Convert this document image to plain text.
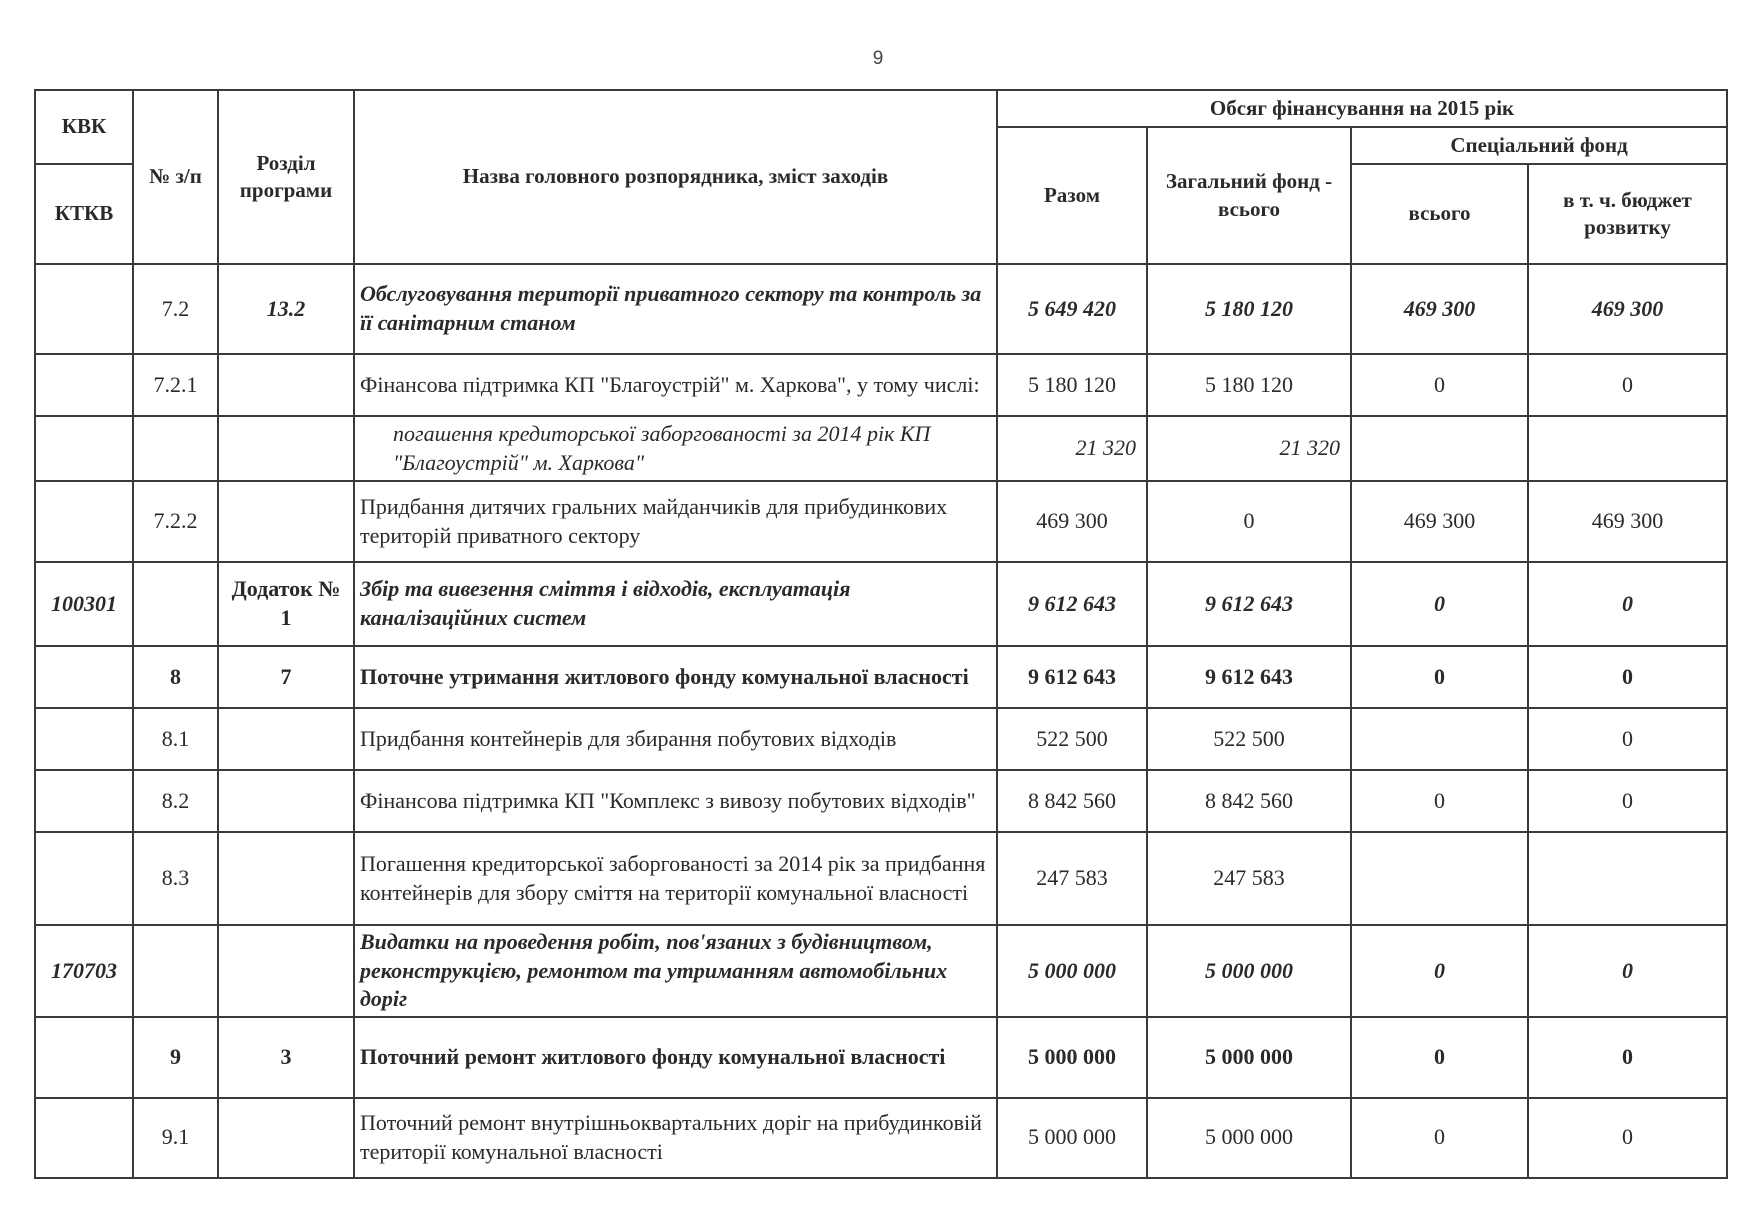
9
КВК	№ з/п	Розділ програми	Назва головного розпорядника, зміст заходів	Обсяг фінансування на 2015 рік			
				Разом	Загальний фонд - всього	Спеціальний фонд	
КТКВ						всього	в т. ч. бюджет розвитку

	7.2	13.2	Обслуговування території приватного сектору та контроль за її санітарним станом	5 649 420	5 180 120	469 300	469 300
	7.2.1		Фінансова підтримка КП "Благоустрій" м. Харкова", у тому числі:	5 180 120	5 180 120	0	0
			погашення кредиторської заборгованості за 2014 рік КП "Благоустрій" м. Харкова"	21 320	21 320		
	7.2.2		Придбання дитячих гральних майданчиків для прибудинкових територій приватного сектору	469 300	0	469 300	469 300
100301		Додаток № 1	Збір та вивезення сміття і відходів, експлуатація каналізаційних систем	9 612 643	9 612 643	0	0
	8	7	Поточне утримання житлового фонду комунальної власності	9 612 643	9 612 643	0	0
	8.1		Придбання контейнерів для збирання побутових відходів	522 500	522 500		0
	8.2		Фінансова підтримка КП "Комплекс з вивозу побутових відходів"	8 842 560	8 842 560	0	0
	8.3		Погашення кредиторської заборгованості за 2014 рік за придбання контейнерів для збору сміття на території комунальної власності	247 583	247 583		
170703			Видатки на проведення робіт, пов'язаних з будівництвом, реконструкцією, ремонтом та утриманням автомобільних доріг	5 000 000	5 000 000	0	0
	9	3	Поточний ремонт житлового фонду комунальної власності	5 000 000	5 000 000	0	0
	9.1		Поточний ремонт внутрішньоквартальних доріг на прибудинковій території комунальної власності	5 000 000	5 000 000	0	0
